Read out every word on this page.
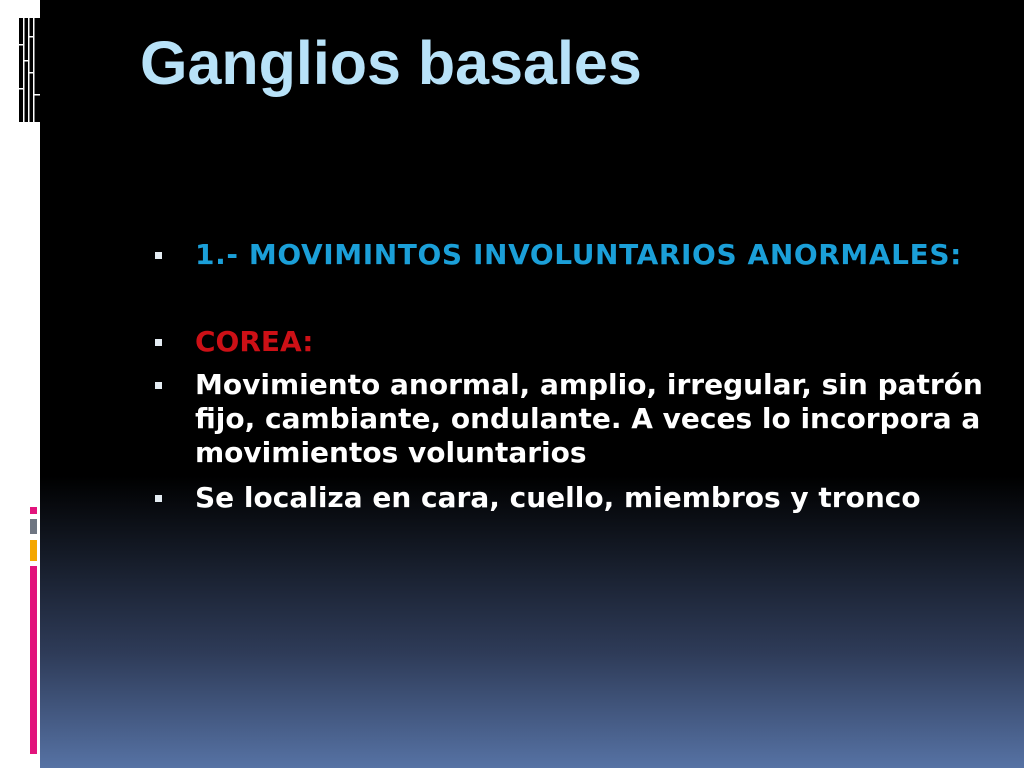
Ganglios basales
1.- MOVIMINTOS INVOLUNTARIOS ANORMALES:
COREA:
Movimiento anormal, amplio, irregular, sin patrón fijo, cambiante, ondulante. A veces lo incorpora a movimientos voluntarios
Se localiza en cara, cuello, miembros y tronco
